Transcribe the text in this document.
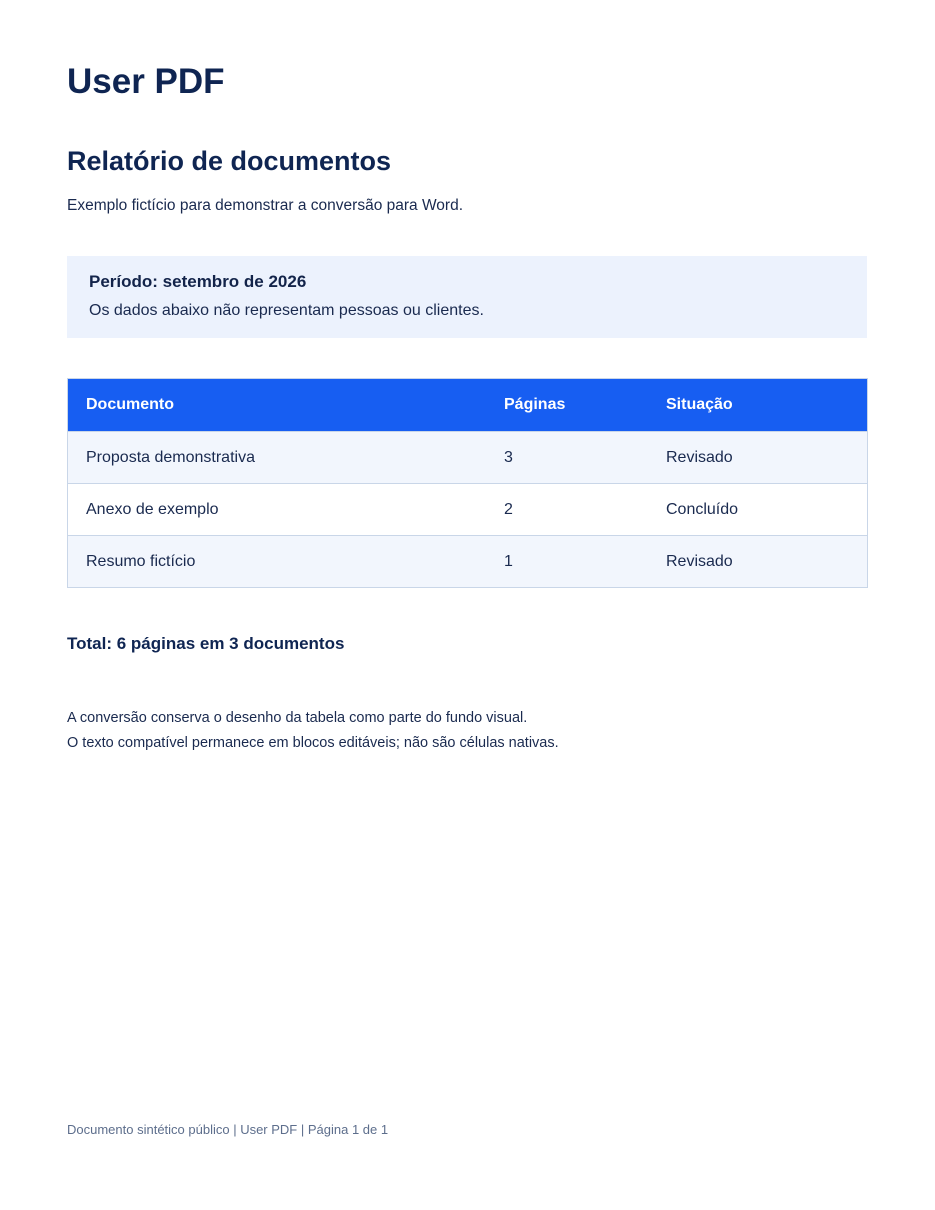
User PDF
Relatório de documentos

Exemplo fictício para demonstrar a conversão para Word.

Período: setembro de 2026
Os dados abaixo não representam pessoas ou clientes.
Documento	Páginas	Situação
Proposta demonstrativa	3	Revisado
Anexo de exemplo	2	Concluído
Resumo fictício	1	Revisado

Total: 6 páginas em 3 documentos

A conversão conserva o desenho da tabela como parte do fundo visual.
O texto compatível permanece em blocos editáveis; não são células nativas.
Documento sintético público | User PDF | Página 1 de 1
